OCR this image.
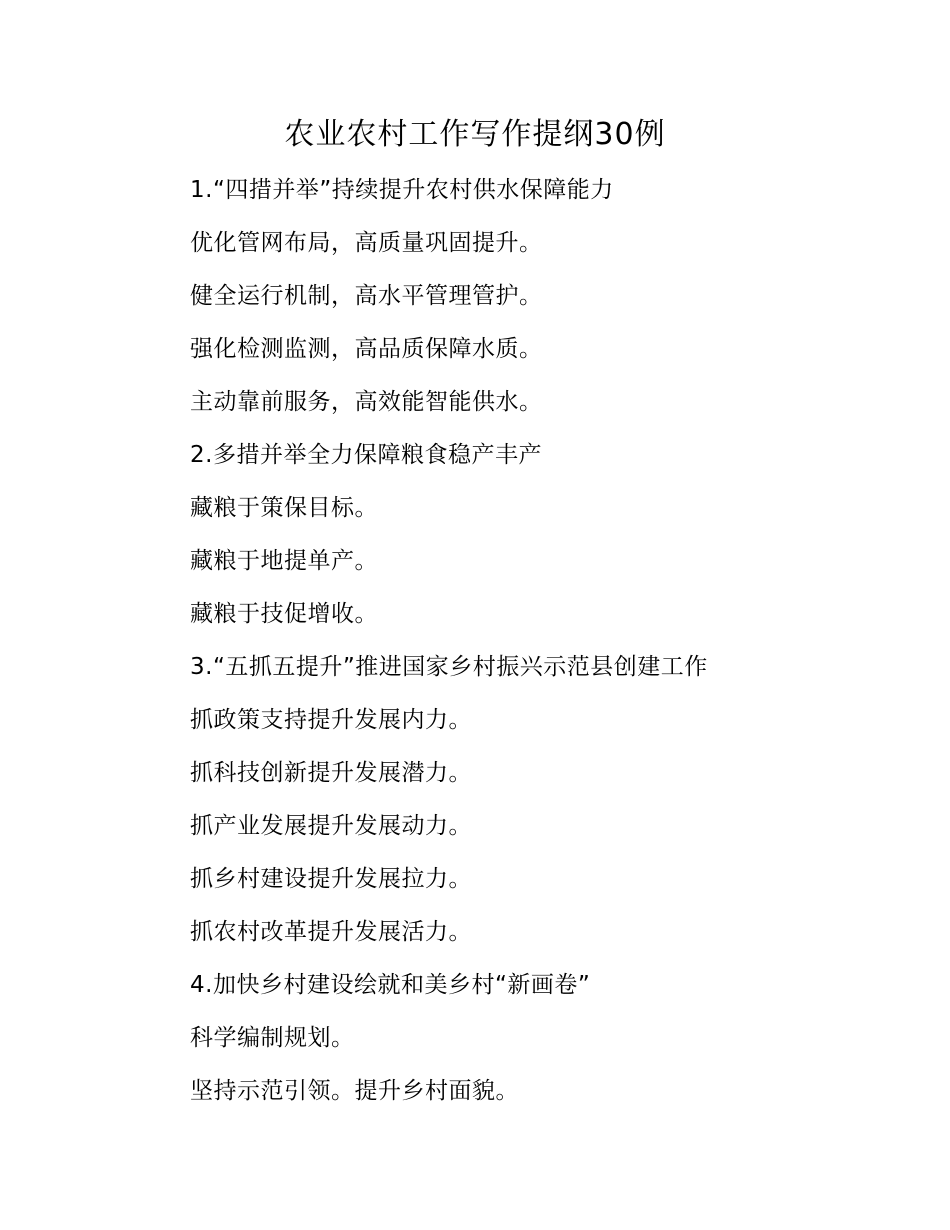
农业农村工作写作提纲30例
1.“四措并举”持续提升农村供水保障能力
优化管网布局，高质量巩固提升。
健全运行机制，高水平管理管护。
强化检测监测，高品质保障水质。
主动靠前服务，高效能智能供水。
2.多措并举全力保障粮食稳产丰产
藏粮于策保目标。
藏粮于地提单产。
藏粮于技促增收。
3.“五抓五提升”推进国家乡村振兴示范县创建工作
抓政策支持提升发展内力。
抓科技创新提升发展潜力。
抓产业发展提升发展动力。
抓乡村建设提升发展拉力。
抓农村改革提升发展活力。
4.加快乡村建设绘就和美乡村“新画卷”
科学编制规划。
坚持示范引领。提升乡村面貌。
